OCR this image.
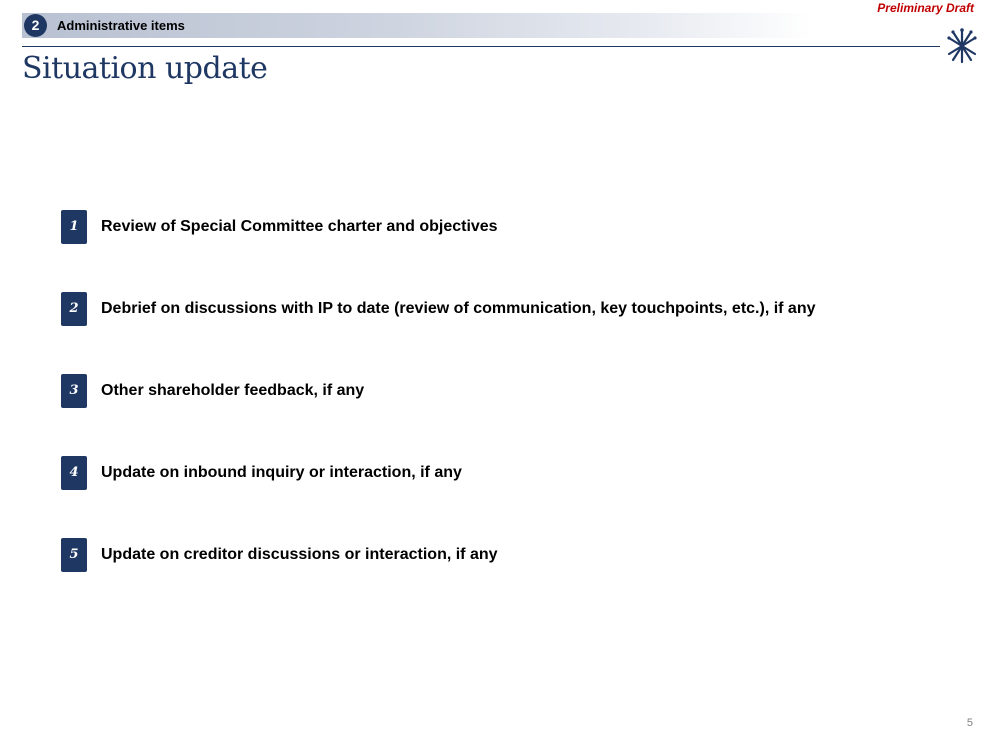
2	Administrative items
Preliminary Draft
Situation update
1	Review of Special Committee charter and objectives
2	Debrief on discussions with IP to date (review of communication, key touchpoints, etc.), if any
3	Other shareholder feedback, if any
4	Update on inbound inquiry or interaction, if any
5	Update on creditor discussions or interaction, if any
5
